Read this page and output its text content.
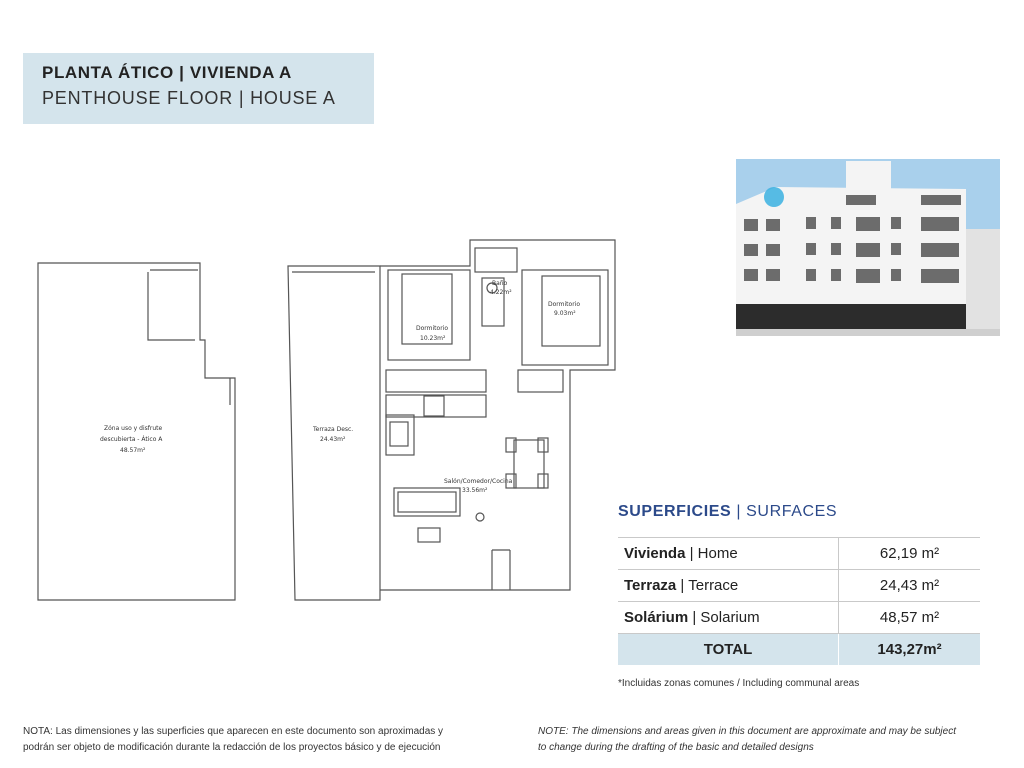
PLANTA ÁTICO | VIVIENDA A
PENTHOUSE FLOOR | HOUSE A
Zóna uso y disfrute
descubierta - Ático A
48.57m²
Terraza Desc.
24.43m²
Dormitorio
10.23m²
Dormitorio
9.03m²
Baño
4.22m²
Salón/Comedor/Cocina
33.56m²
SUPERFICIES | SURFACES
Vivienda | Home	62,19 m²
Terraza | Terrace	24,43 m²
Solárium | Solarium	48,57 m²
TOTAL	143,27m²
*Incluidas zonas comunes / Including communal areas
NOTA: Las dimensiones y las superficies que aparecen en este documento son aproximadas y
podrán ser objeto de modificación durante la redacción de los proyectos básico y de ejecución
NOTE: The dimensions and areas given in this document are approximate and may be subject
to change during the drafting of the basic and detailed designs
